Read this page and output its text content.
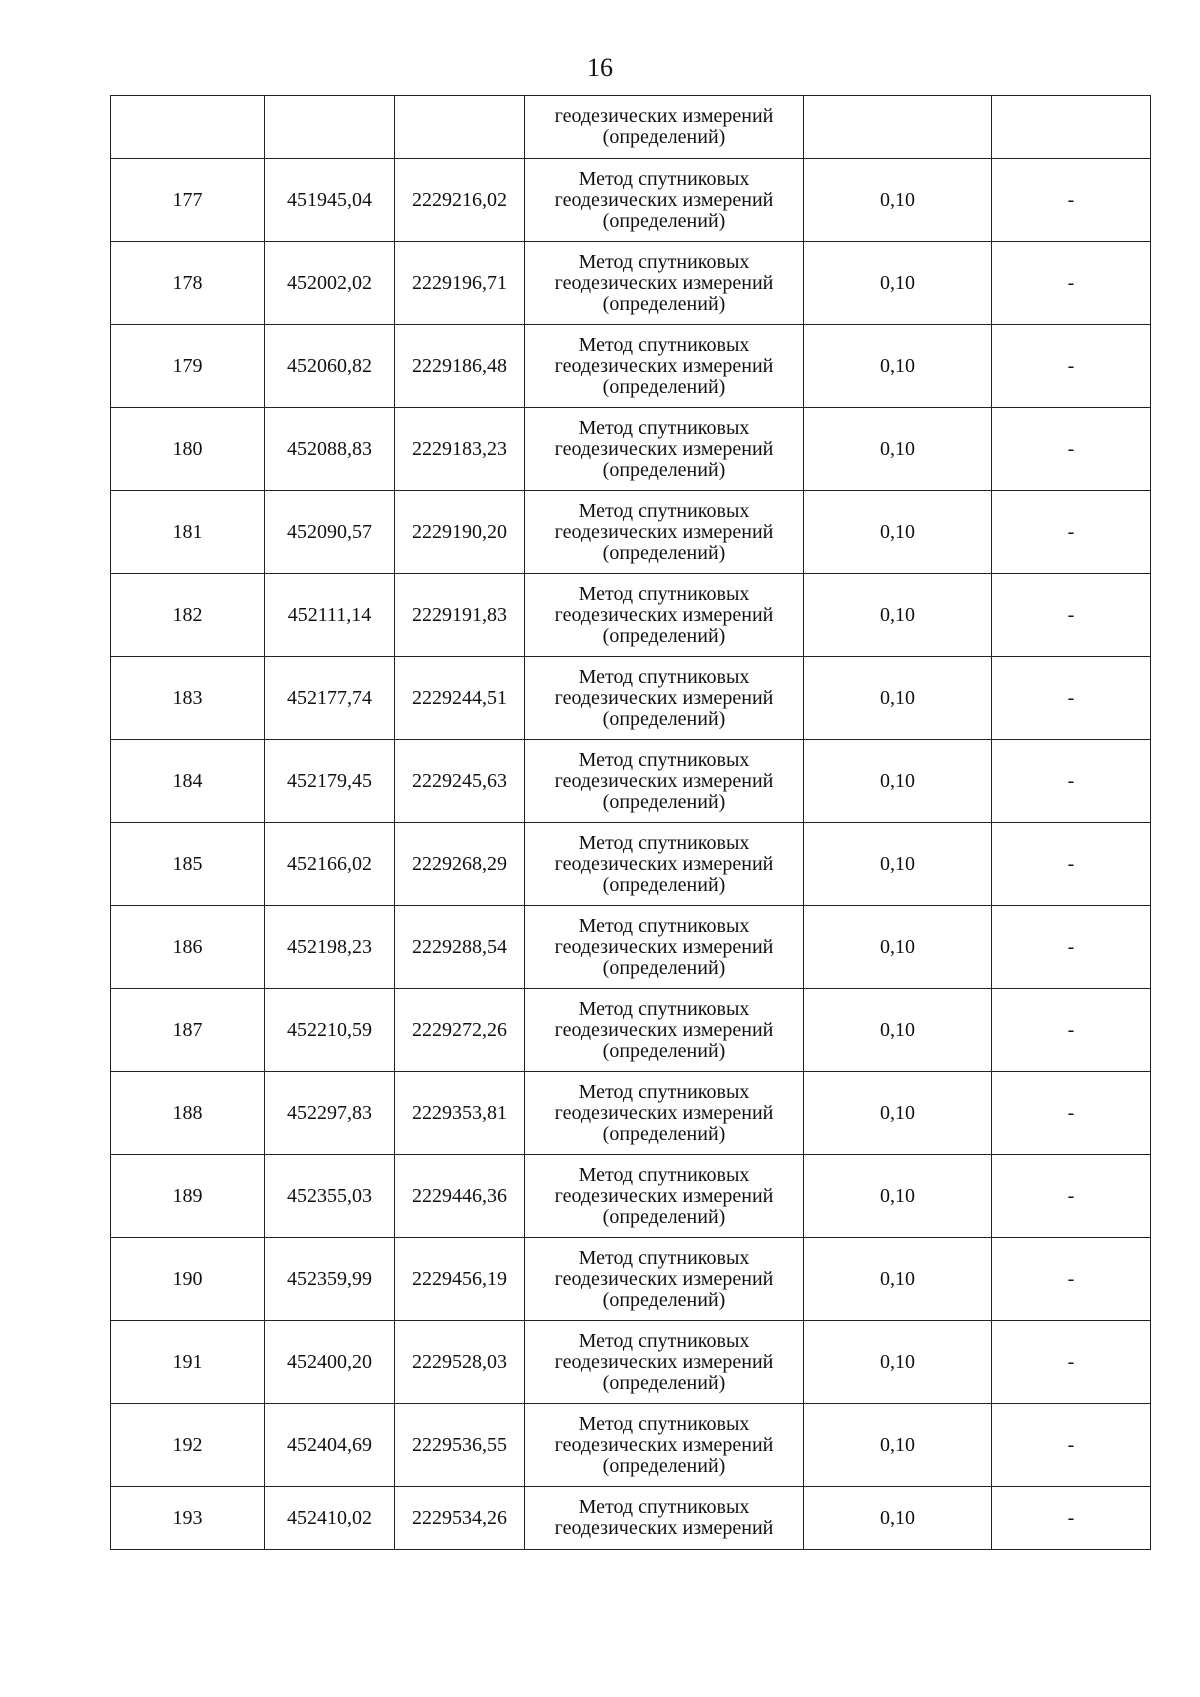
16

			геодезических измерений
(определений)		

177	451945,04	2229216,02	Метод спутниковых
геодезических измерений
(определений)	0,10	-
178	452002,02	2229196,71	Метод спутниковых
геодезических измерений
(определений)	0,10	-
179	452060,82	2229186,48	Метод спутниковых
геодезических измерений
(определений)	0,10	-
180	452088,83	2229183,23	Метод спутниковых
геодезических измерений
(определений)	0,10	-
181	452090,57	2229190,20	Метод спутниковых
геодезических измерений
(определений)	0,10	-
182	452111,14	2229191,83	Метод спутниковых
геодезических измерений
(определений)	0,10	-
183	452177,74	2229244,51	Метод спутниковых
геодезических измерений
(определений)	0,10	-
184	452179,45	2229245,63	Метод спутниковых
геодезических измерений
(определений)	0,10	-
185	452166,02	2229268,29	Метод спутниковых
геодезических измерений
(определений)	0,10	-
186	452198,23	2229288,54	Метод спутниковых
геодезических измерений
(определений)	0,10	-
187	452210,59	2229272,26	Метод спутниковых
геодезических измерений
(определений)	0,10	-
188	452297,83	2229353,81	Метод спутниковых
геодезических измерений
(определений)	0,10	-
189	452355,03	2229446,36	Метод спутниковых
геодезических измерений
(определений)	0,10	-
190	452359,99	2229456,19	Метод спутниковых
геодезических измерений
(определений)	0,10	-
191	452400,20	2229528,03	Метод спутниковых
геодезических измерений
(определений)	0,10	-
192	452404,69	2229536,55	Метод спутниковых
геодезических измерений
(определений)	0,10	-
193	452410,02	2229534,26	Метод спутниковых
геодезических измерений	0,10	-
